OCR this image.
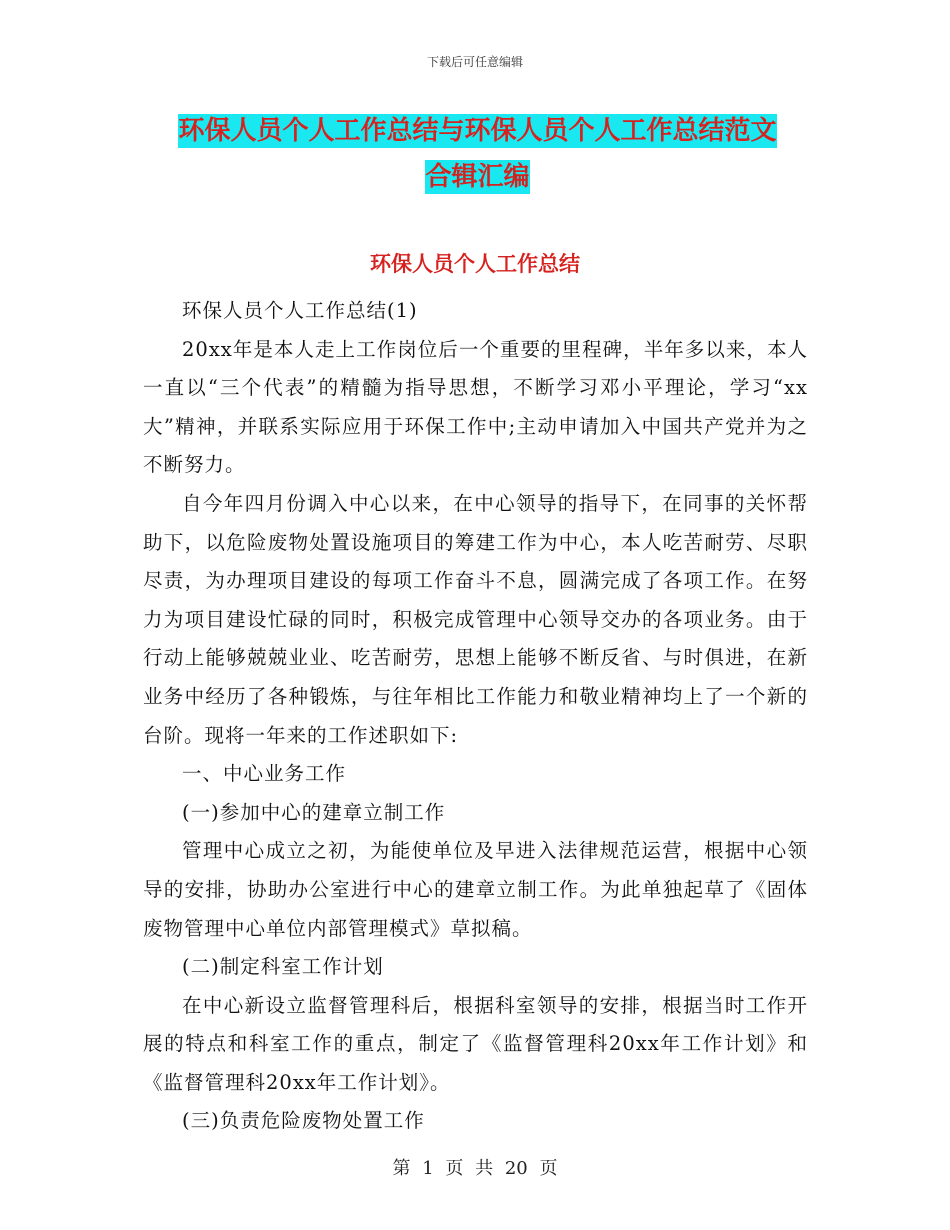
下载后可任意编辑
环保人员个人工作总结与环保人员个人工作总结范文
合辑汇编
环保人员个人工作总结

环保人员个人工作总结(1)

20xx年是本人走上工作岗位后一个重要的里程碑，半年多以来，本人一直以“三个代表”的精髓为指导思想，不断学习邓小平理论，学习“xx大”精神，并联系实际应用于环保工作中;主动申请加入中国共产党并为之不断努力。

自今年四月份调入中心以来，在中心领导的指导下，在同事的关怀帮助下，以危险废物处置设施项目的筹建工作为中心，本人吃苦耐劳、尽职尽责，为办理项目建设的每项工作奋斗不息，圆满完成了各项工作。在努力为项目建设忙碌的同时，积极完成管理中心领导交办的各项业务。由于行动上能够兢兢业业、吃苦耐劳，思想上能够不断反省、与时俱进，在新业务中经历了各种锻炼，与往年相比工作能力和敬业精神均上了一个新的台阶。现将一年来的工作述职如下:

一、中心业务工作

(一)参加中心的建章立制工作

管理中心成立之初，为能使单位及早进入法律规范运营，根据中心领导的安排，协助办公室进行中心的建章立制工作。为此单独起草了《固体废物管理中心单位内部管理模式》草拟稿。

(二)制定科室工作计划

在中心新设立监督管理科后，根据科室领导的安排，根据当时工作开展的特点和科室工作的重点，制定了《监督管理科20xx年工作计划》和《监督管理科20xx年工作计划》。

(三)负责危险废物处置工作

第 1 页 共 20 页
